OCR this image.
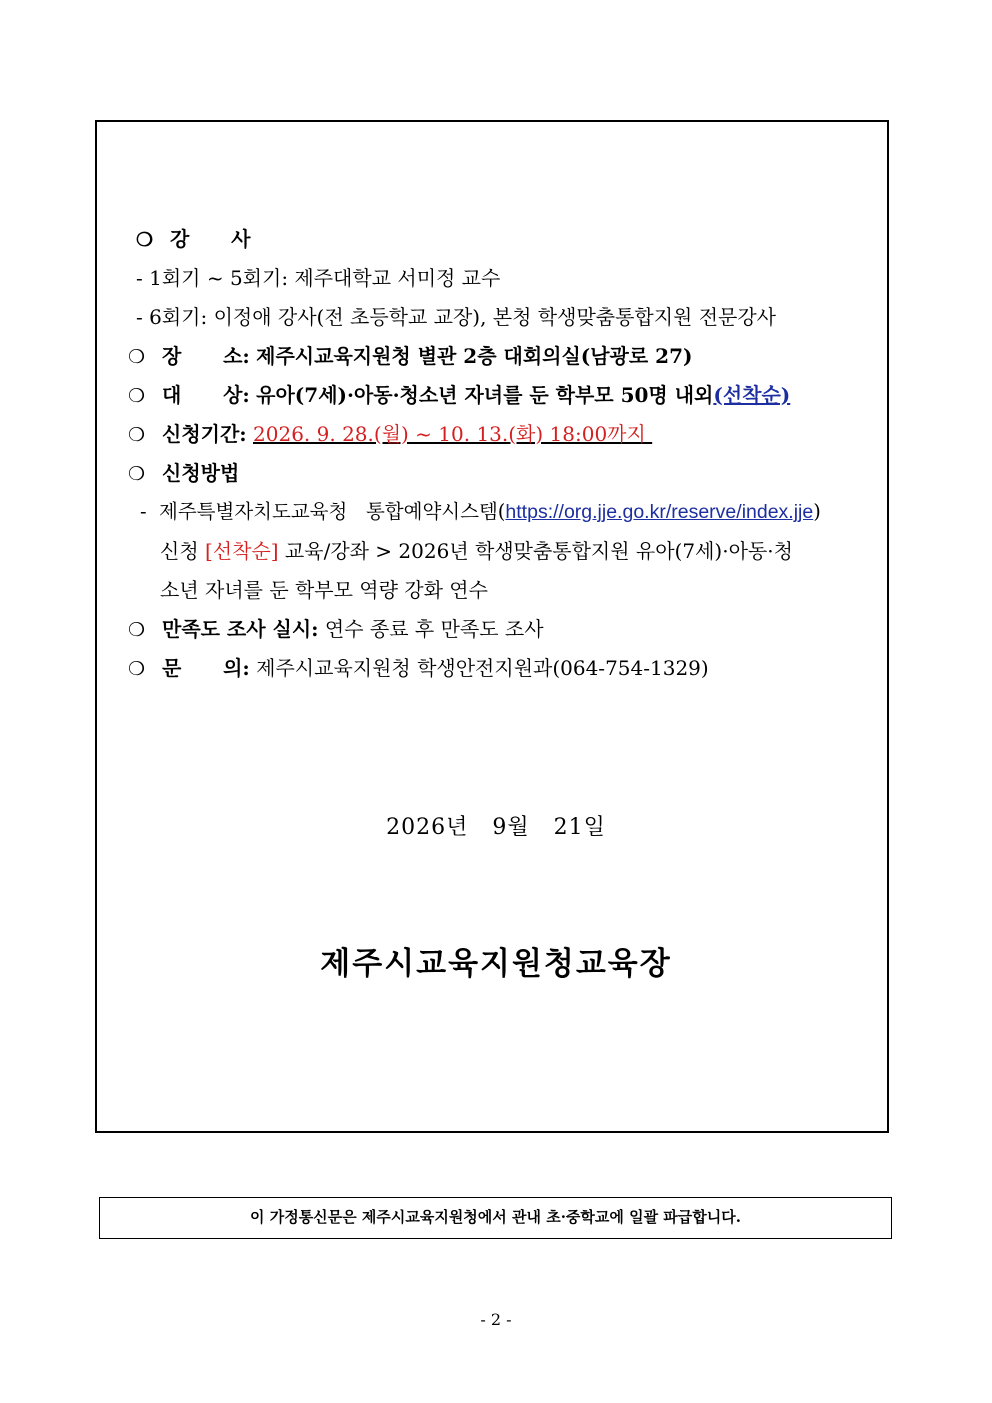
❍ 강      사
- 1회기 ~ 5회기: 제주대학교 서미정 교수
- 6회기: 이정애 강사(전 초등학교 교장), 본청 학생맞춤통합지원 전문강사
❍ 장      소: 제주시교육지원청 별관 2층 대회의실(남광로 27)
❍ 대      상: 유아(7세)·아동·청소년 자녀를 둔 학부모 50명 내외(선착순)
❍ 신청기간: 2026. 9. 28.(월) ~ 10. 13.(화) 18:00까지
❍ 신청방법
-  제주특별자치도교육청   통합예약시스템(https://org.jje.go.kr/reserve/index.jje)
신청 [선착순] 교육/강좌 > 2026년 학생맞춤통합지원 유아(7세)·아동·청
소년 자녀를 둔 학부모 역량 강화 연수
❍ 만족도 조사 실시: 연수 종료 후 만족도 조사
❍ 문      의: 제주시교육지원청 학생안전지원과(064-754-1329)
2026년   9월   21일
제주시교육지원청교육장
이 가정통신문은 제주시교육지원청에서 관내 초·중학교에 일괄 파급합니다.
- 2 -
